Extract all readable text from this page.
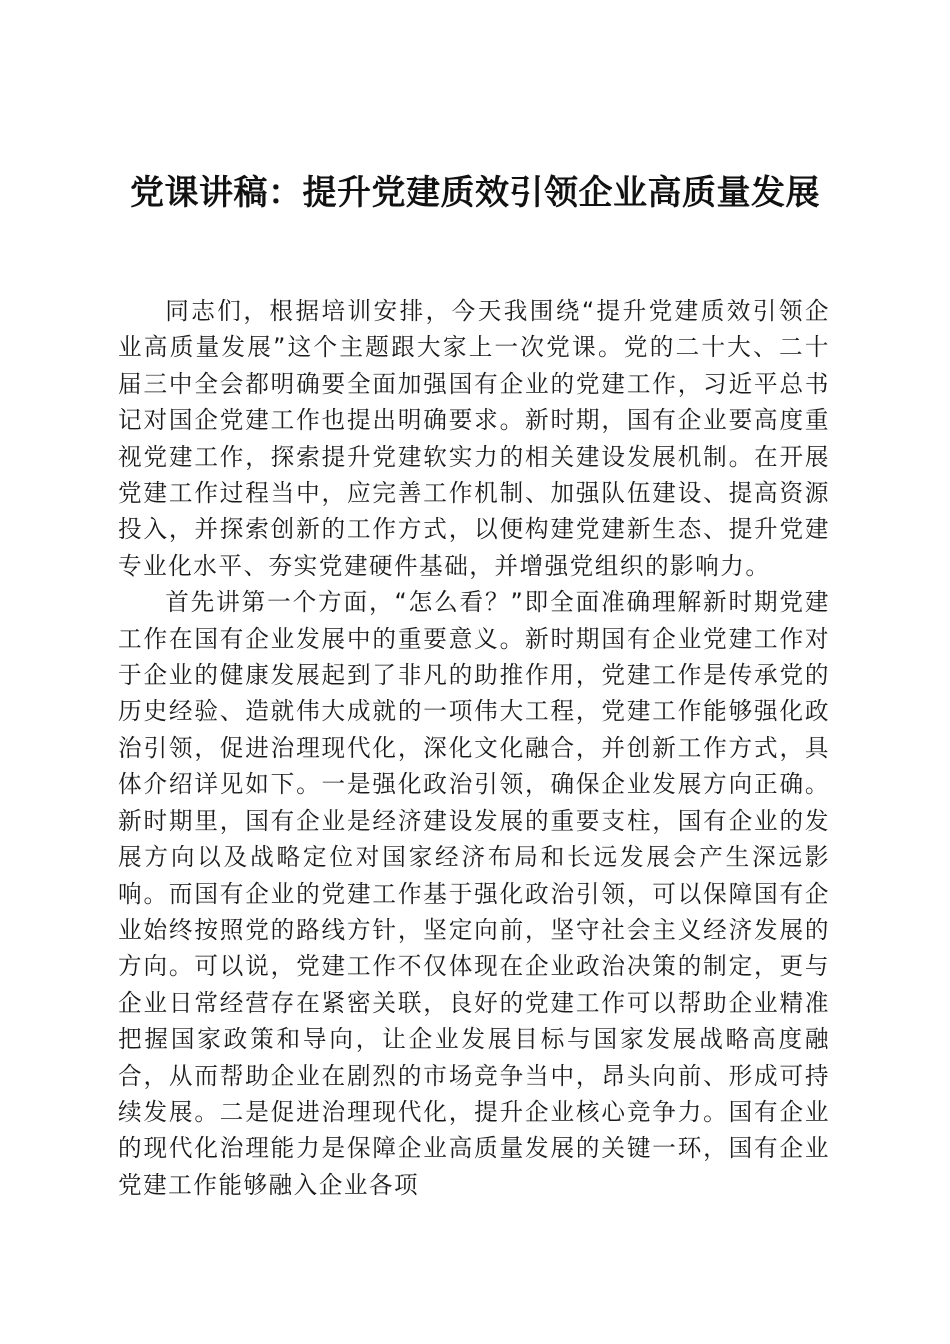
党课讲稿：提升党建质效引领企业高质量发展

同志们，根据培训安排，今天我围绕“提升党建质效引领企业高质量发展”这个主题跟大家上一次党课。党的二十大、二十届三中全会都明确要全面加强国有企业的党建工作，习近平总书记对国企党建工作也提出明确要求。新时期，国有企业要高度重视党建工作，探索提升党建软实力的相关建设发展机制。在开展党建工作过程当中，应完善工作机制、加强队伍建设、提高资源投入，并探索创新的工作方式，以便构建党建新生态、提升党建专业化水平、夯实党建硬件基础，并增强党组织的影响力。

首先讲第一个方面，“怎么看？”即全面准确理解新时期党建工作在国有企业发展中的重要意义。新时期国有企业党建工作对于企业的健康发展起到了非凡的助推作用，党建工作是传承党的历史经验、造就伟大成就的一项伟大工程，党建工作能够强化政治引领，促进治理现代化，深化文化融合，并创新工作方式，具体介绍详见如下。一是强化政治引领，确保企业发展方向正确。新时期里，国有企业是经济建设发展的重要支柱，国有企业的发展方向以及战略定位对国家经济布局和长远发展会产生深远影响。而国有企业的党建工作基于强化政治引领，可以保障国有企业始终按照党的路线方针，坚定向前，坚守社会主义经济发展的方向。可以说，党建工作不仅体现在企业政治决策的制定，更与企业日常经营存在紧密关联，良好的党建工作可以帮助企业精准把握国家政策和导向，让企业发展目标与国家发展战略高度融合，从而帮助企业在剧烈的市场竞争当中，昂头向前、形成可持续发展。二是促进治理现代化，提升企业核心竞争力。国有企业的现代化治理能力是保障企业高质量发展的关键一环，国有企业党建工作能够融入企业各项
